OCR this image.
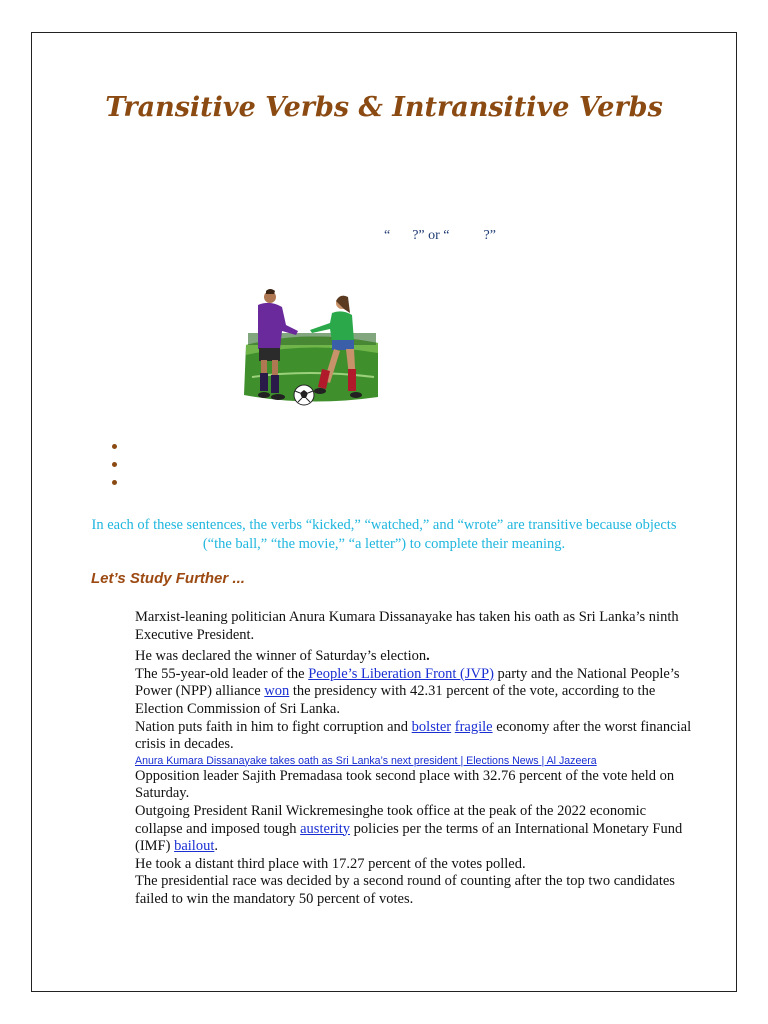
Transitive Verbs & Intransitive Verbs
“ ?” or “ ?”
In each of these sentences, the verbs “kicked,” “watched,” and “wrote” are transitive because objects (“the ball,” “the movie,” “a letter”) to complete their meaning.
Let’s Study Further ...

Marxist-leaning politician Anura Kumara Dissanayake has taken his oath as Sri Lanka’s ninth Executive President.

He was declared the winner of Saturday’s election.

The 55-year-old leader of the People’s Liberation Front (JVP) party and the National People’s Power (NPP) alliance won the presidency with 42.31 percent of the vote, according to the Election Commission of Sri Lanka.

Nation puts faith in him to fight corruption and bolster fragile economy after the worst financial crisis in decades.

Anura Kumara Dissanayake takes oath as Sri Lanka’s next president | Elections News | Al Jazeera

Opposition leader Sajith Premadasa took second place with 32.76 percent of the vote held on Saturday.

Outgoing President Ranil Wickremesinghe took office at the peak of the 2022 economic collapse and imposed tough austerity policies per the terms of an International Monetary Fund (IMF) bailout.

He took a distant third place with 17.27 percent of the votes polled.

The presidential race was decided by a second round of counting after the top two candidates failed to win the mandatory 50 percent of votes.
